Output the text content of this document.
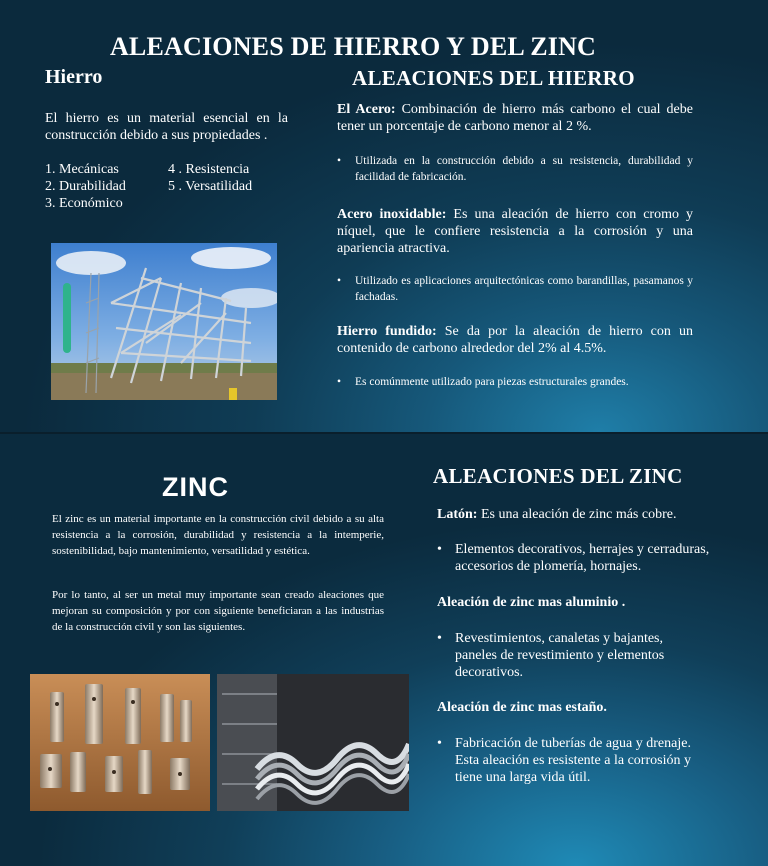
ALEACIONES DE HIERRO Y DEL ZINC
Hierro	ALEACIONES DEL HIERRO
El hierro es un material esencial en la construcción debido a sus propiedades .
1. Mecánicas
2. Durabilidad
3. Económico
4 . Resistencia
5 . Versatilidad
El Acero: Combinación de hierro más carbono el cual debe tener un porcentaje de carbono menor al 2 %.
• Utilizada en la construcción debido a su resistencia, durabilidad y facilidad de fabricación.
Acero inoxidable: Es una aleación de hierro con cromo y níquel, que le confiere resistencia a la corrosión y una apariencia atractiva.
• Utilizado es aplicaciones arquitectónicas como barandillas, pasamanos y fachadas.
Hierro fundido: Se da por la aleación de hierro con un contenido de carbono alrededor del 2% al 4.5%.
• Es comúnmente utilizado para piezas estructurales grandes.
ZINC	ALEACIONES DEL ZINC
El zinc es un material importante en la construcción civil debido a su alta resistencia a la corrosión, durabilidad y resistencia a la intemperie, sostenibilidad, bajo mantenimiento, versatilidad y estética.
Por lo tanto, al ser un metal muy importante sean creado aleaciones que mejoran su composición y por con siguiente beneficiaran a las industrias de la construcción civil y son las siguientes.
Latón: Es una aleación de zinc más cobre.
• Elementos decorativos, herrajes y cerraduras, accesorios de plomería, hornajes.
Aleación de zinc mas aluminio .
• Revestimientos, canaletas y bajantes, paneles de revestimiento y elementos decorativos.
Aleación de zinc mas estaño.
• Fabricación de tuberías de agua y drenaje. Esta aleación es resistente a la corrosión y tiene una larga vida útil.
